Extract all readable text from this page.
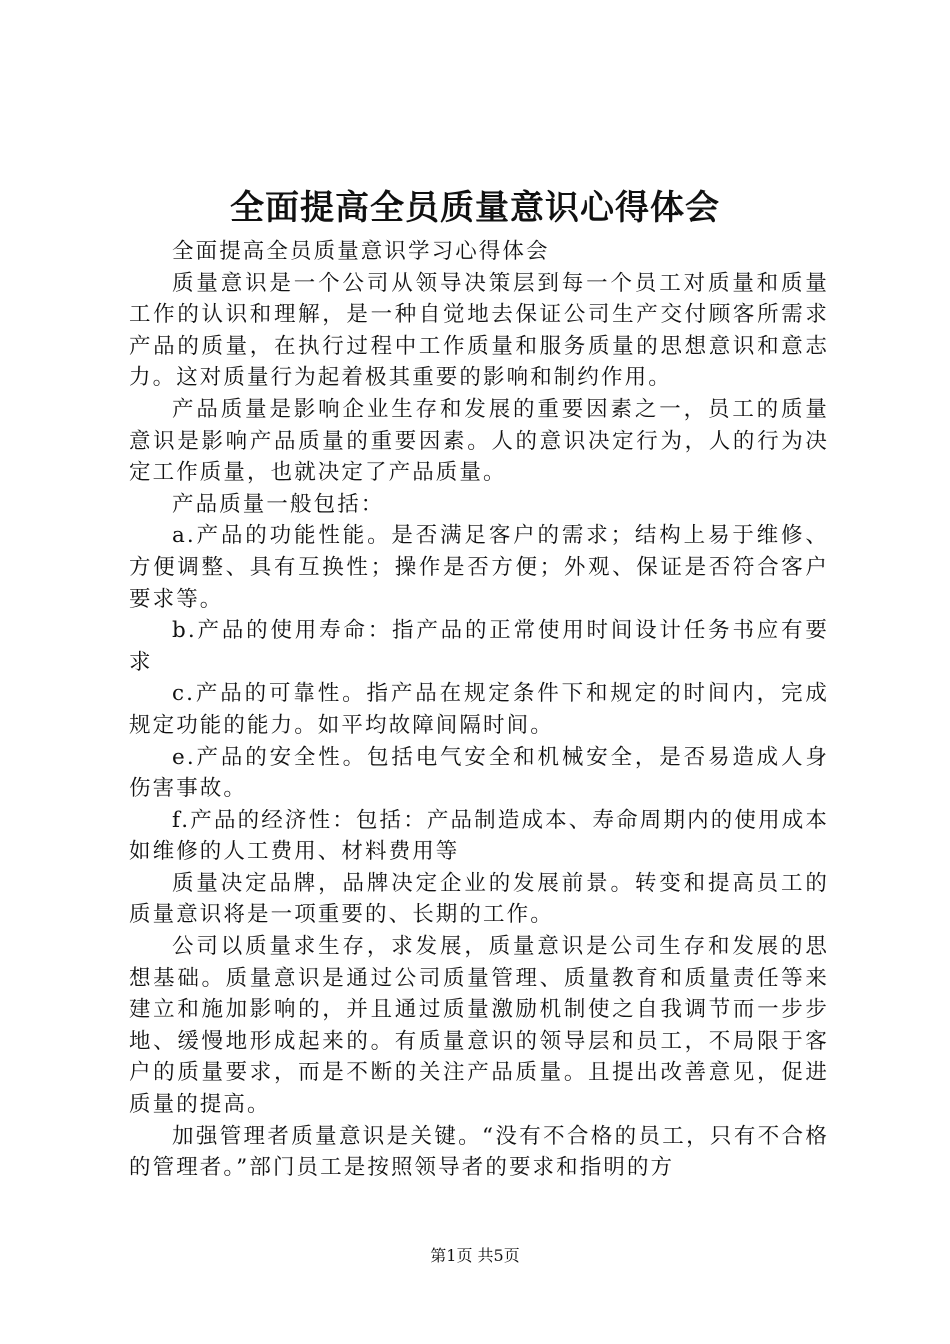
全面提高全员质量意识心得体会

全面提高全员质量意识学习心得体会

质量意识是一个公司从领导决策层到每一个员工对质量和质量工作的认识和理解，是一种自觉地去保证公司生产交付顾客所需求产品的质量，在执行过程中工作质量和服务质量的思想意识和意志力。这对质量行为起着极其重要的影响和制约作用。

产品质量是影响企业生存和发展的重要因素之一，员工的质量意识是影响产品质量的重要因素。人的意识决定行为，人的行为决定工作质量，也就决定了产品质量。

产品质量一般包括：

a.产品的功能性能。是否满足客户的需求；结构上易于维修、方便调整、具有互换性；操作是否方便；外观、保证是否符合客户要求等。

b.产品的使用寿命：指产品的正常使用时间设计任务书应有要求

c.产品的可靠性。指产品在规定条件下和规定的时间内，完成规定功能的能力。如平均故障间隔时间。

e.产品的安全性。包括电气安全和机械安全，是否易造成人身伤害事故。

f.产品的经济性：包括：产品制造成本、寿命周期内的使用成本如维修的人工费用、材料费用等

质量决定品牌，品牌决定企业的发展前景。转变和提高员工的质量意识将是一项重要的、长期的工作。

公司以质量求生存，求发展，质量意识是公司生存和发展的思想基础。质量意识是通过公司质量管理、质量教育和质量责任等来建立和施加影响的，并且通过质量激励机制使之自我调节而一步步地、缓慢地形成起来的。有质量意识的领导层和员工，不局限于客户的质量要求，而是不断的关注产品质量。且提出改善意见，促进质量的提高。

加强管理者质量意识是关键。“没有不合格的员工，只有不合格的管理者。”部门员工是按照领导者的要求和指明的方

第1页 共5页
